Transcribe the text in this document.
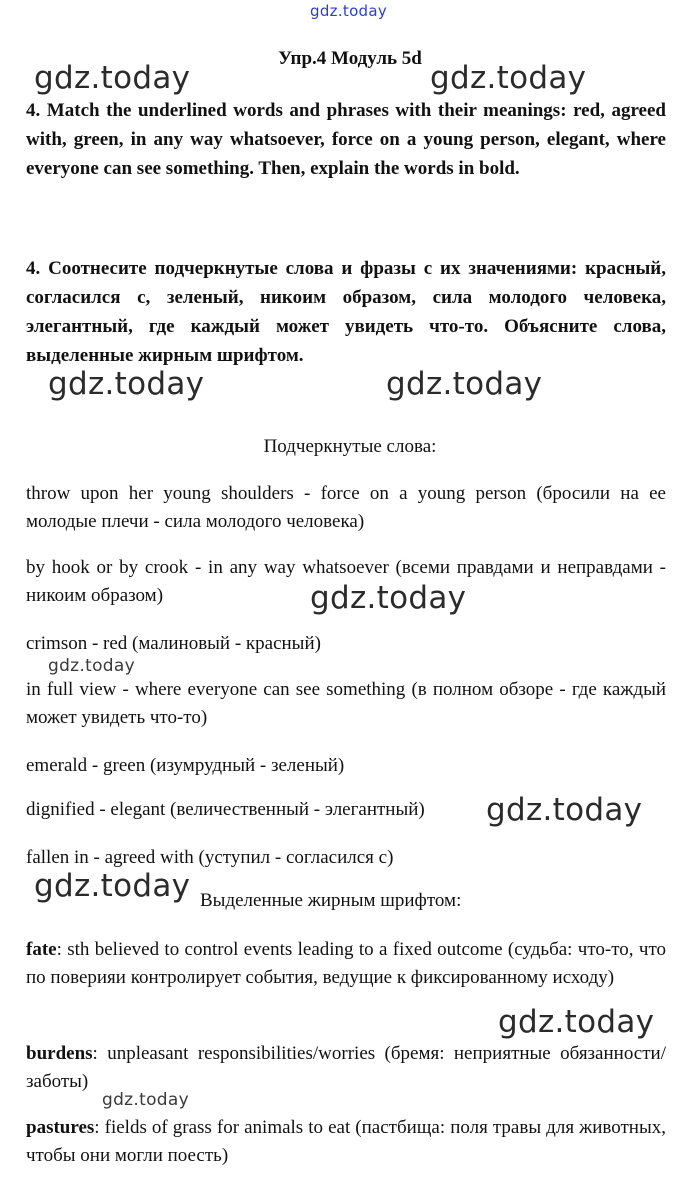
gdz.today
gdz.today	gdz.today
gdz.today	gdz.today
gdz.today
gdz.today
gdz.today
gdz.today
gdz.today
gdz.today
Упр.4 Модуль 5d
4. Match the underlined words and phrases with their meanings: red, agreed with, green, in any way whatsoever, force on a young person, elegant, where everyone can see something. Then, explain the words in bold.
4. Соотнесите подчеркнутые слова и фразы с их значениями: красный, согласился с, зеленый, никоим образом, сила молодого человека, элегантный, где каждый может увидеть что-то. Объясните слова, выделенные жирным шрифтом.
Подчеркнутые слова:
throw upon her young shoulders - force on a young person (бросили на ее молодые плечи - сила молодого человека)
by hook or by crook - in any way whatsoever (всеми правдами и неправдами - никоим образом)
crimson - red (малиновый - красный)
in full view - where everyone can see something (в полном обзоре - где каждый может увидеть что-то)
emerald - green (изумрудный - зеленый)
dignified - elegant (величественный - элегантный)
fallen in - agreed with (уступил - согласился с)
Выделенные жирным шрифтом:
fate: sth believed to control events leading to a fixed outcome (судьба: что-то, что по поверияи контролирует события, ведущие к фиксированному исходу)
burdens: unpleasant responsibilities/worries (бремя: неприятные обязанности/заботы)
pastures: fields of grass for animals to eat (пастбища: поля травы для животных, чтобы они могли поесть)
